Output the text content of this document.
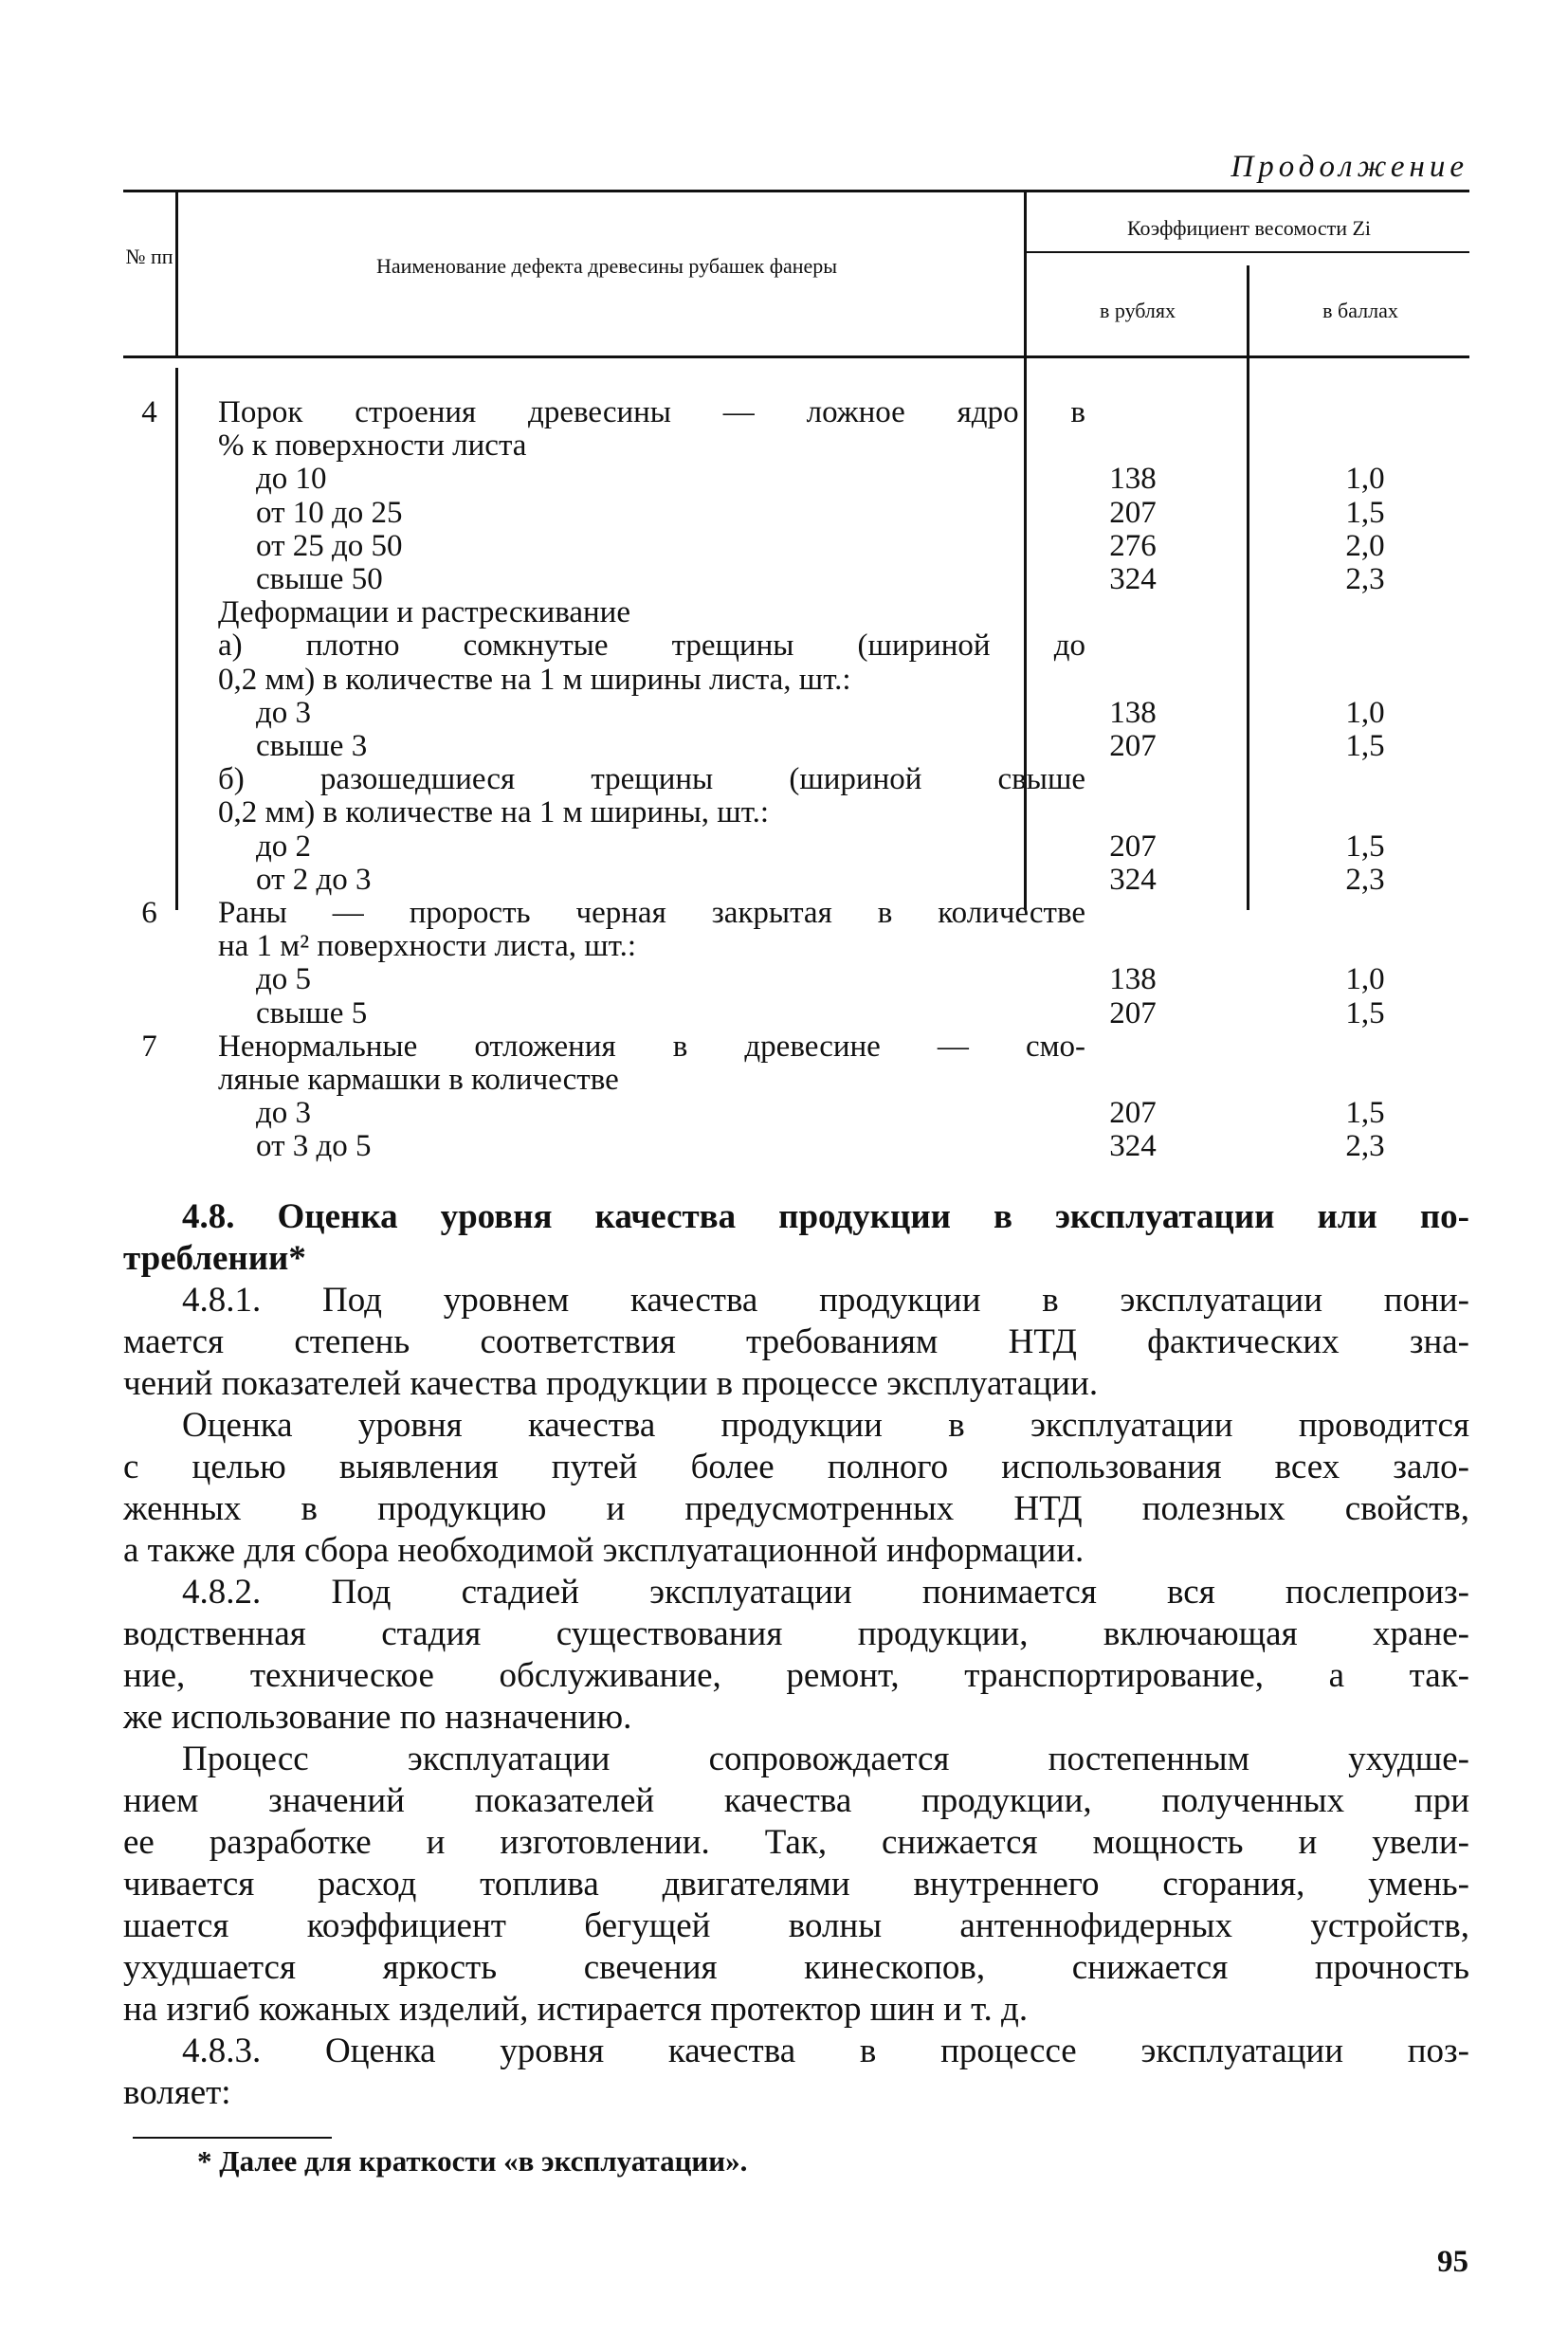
Продолжение
№ пп	Наименование дефекта древесины рубашек фанеры
Коэффициент весомости Zi
в рублях	в баллах
4	Порок строения древесины — ложное ядро в
% к поверхности листа
до 10	138	1,0
от 10 до 25	207	1,5
от 25 до 50	276	2,0
свыше 50	324	2,3
Деформации и растрескивание
а) плотно сомкнутые трещины (шириной до
0,2 мм) в количестве на 1 м ширины листа, шт.:
до 3	138	1,0
свыше 3	207	1,5
б) разошедшиеся трещины (шириной свыше
0,2 мм) в количестве на 1 м ширины, шт.:
до 2	207	1,5
от 2 до 3	324	2,3
6	Раны — пророcть черная закрытая в количестве
на 1 м² поверхности листа, шт.:
до 5	138	1,0
свыше 5	207	1,5
7	Ненормальные отложения в древесине — смо-
ляные кармашки в количестве
до 3	207	1,5
от 3 до 5	324	2,3
4.8. Оценка уровня качества продукции в эксплуатации или по-
треблении*
4.8.1. Под уровнем качества продукции в эксплуатации пони-
мается степень соответствия требованиям НТД фактических зна-
чений показателей качества продукции в процессе эксплуатации.
Оценка уровня качества продукции в эксплуатации проводится
с целью выявления путей более полного использования всех зало-
женных в продукцию и предусмотренных НТД полезных свойств,
а также для сбора необходимой эксплуатационной информации.
4.8.2. Под стадией эксплуатации понимается вся послепроиз-
водственная стадия существования продукции, включающая хране-
ние, техническое обслуживание, ремонт, транспортирование, а так-
же использование по назначению.
Процесс эксплуатации сопровождается постепенным ухудше-
нием значений показателей качества продукции, полученных при
ее разработке и изготовлении. Так, снижается мощность и увели-
чивается расход топлива двигателями внутреннего сгорания, умень-
шается коэффициент бегущей волны антеннофидерных устройств,
ухудшается яркость свечения кинескопов, снижается прочность
на изгиб кожаных изделий, истирается протектор шин и т. д.
4.8.3. Оценка уровня качества в процессе эксплуатации поз-
воляет:
* Далее для краткости «в эксплуатации».
95
